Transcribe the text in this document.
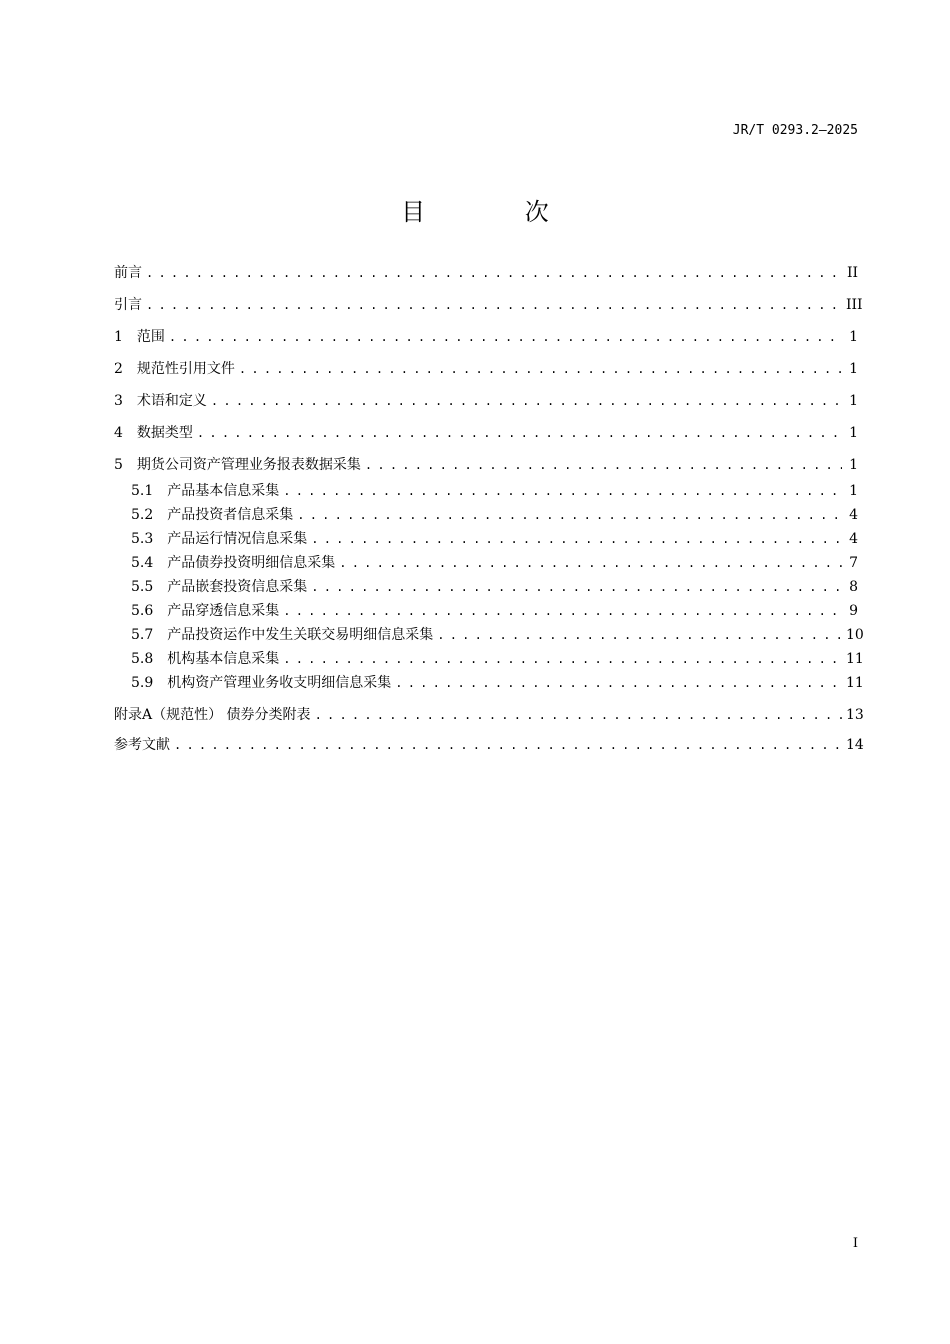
JR/T 0293.2—2025
目 次
前言 . . .	II
引言 . . .	III
1 范围 . . .	1
2 规范性引用文件 . . .	1
3 术语和定义 . . .	1
4 数据类型 . . .	1
5 期货公司资产管理业务报表数据采集 . . .	1
5.1 产品基本信息采集 . . .	1
5.2 产品投资者信息采集 . . .	4
5.3 产品运行情况信息采集 . . .	4
5.4 产品债券投资明细信息采集 . . .	7
5.5 产品嵌套投资信息采集 . . .	8
5.6 产品穿透信息采集 . . .	9
5.7 产品投资运作中发生关联交易明细信息采集 . . .	10
5.8 机构基本信息采集 . . .	11
5.9 机构资产管理业务收支明细信息采集 . . .	11
附录A（规范性） 债券分类附表 . . .	13
参考文献 . . .	14
I
